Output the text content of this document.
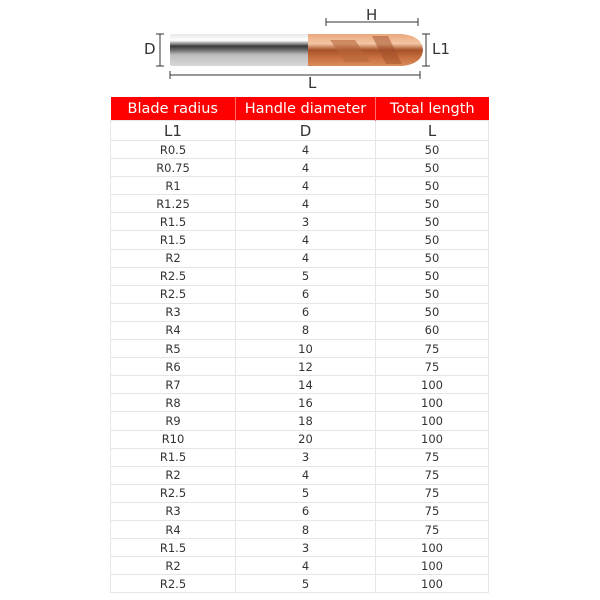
H
D	L1
L
Blade radius	Handle diameter	Total length
L1	D	L
R0.5	4	50
R0.75	4	50
R1	4	50
R1.25	4	50
R1.5	3	50
R1.5	4	50
R2	4	50
R2.5	5	50
R2.5	6	50
R3	6	50
R4	8	60
R5	10	75
R6	12	75
R7	14	100
R8	16	100
R9	18	100
R10	20	100
R1.5	3	75
R2	4	75
R2.5	5	75
R3	6	75
R4	8	75
R1.5	3	100
R2	4	100
R2.5	5	100
